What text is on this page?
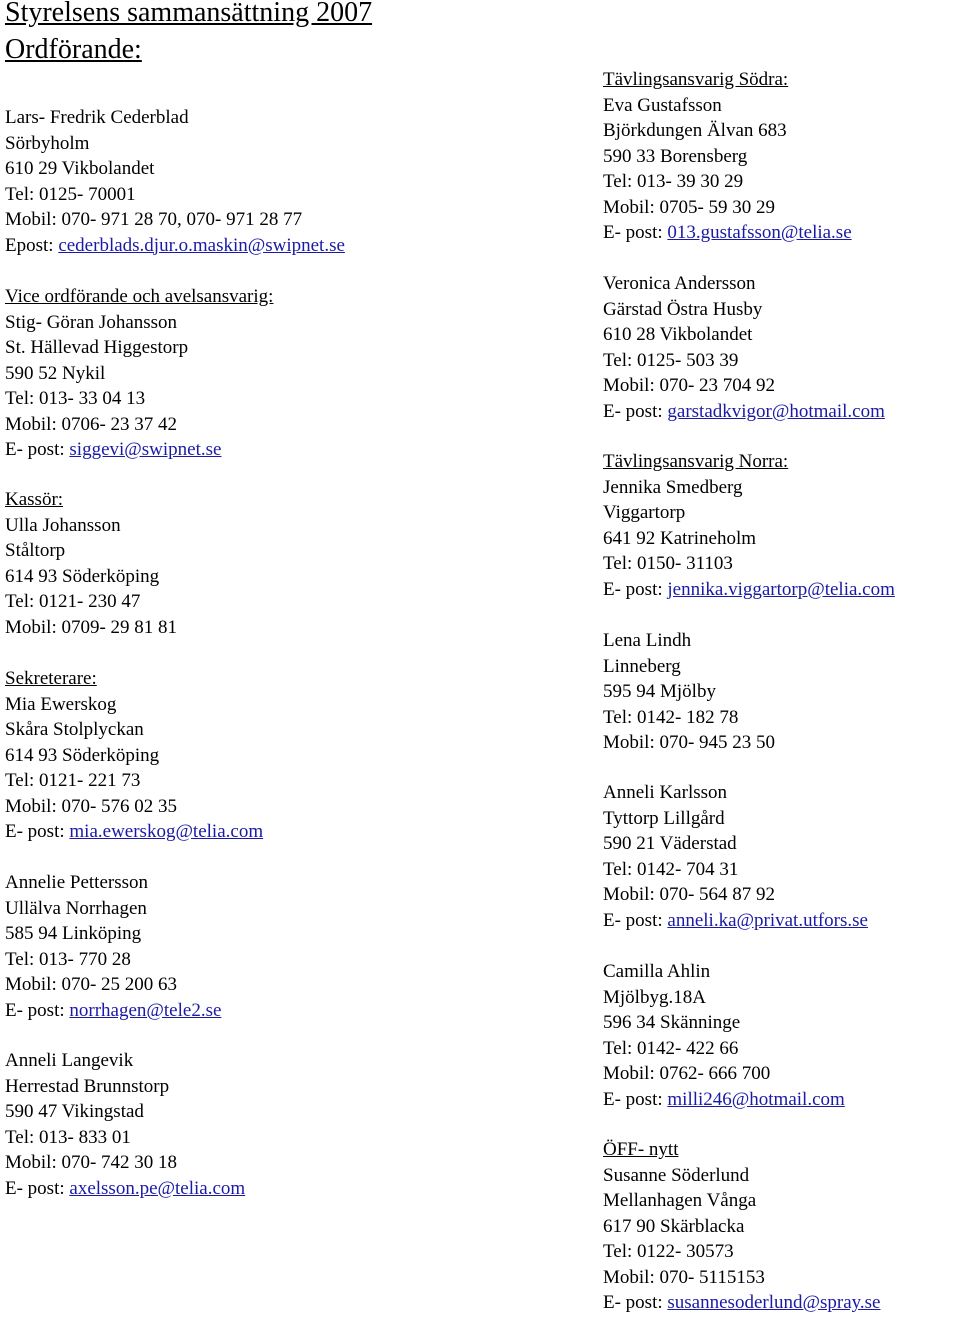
Styrelsens sammansättning 2007
Ordförande:
Lars- Fredrik Cederblad
Sörbyholm
610 29 Vikbolandet
Tel: 0125- 70001
Mobil: 070- 971 28 70, 070- 971 28 77
Epost: cederblads.djur.o.maskin@swipnet.se
Vice ordförande och avelsansvarig:
Stig- Göran Johansson
St. Hällevad Higgestorp
590 52 Nykil
Tel: 013- 33 04 13
Mobil: 0706- 23 37 42
E- post: siggevi@swipnet.se
Kassör:
Ulla Johansson
Ståltorp
614 93 Söderköping
Tel: 0121- 230 47
Mobil: 0709- 29 81 81
Sekreterare:
Mia Ewerskog
Skåra Stolplyckan
614 93 Söderköping
Tel: 0121- 221 73
Mobil: 070- 576 02 35
E- post: mia.ewerskog@telia.com
Annelie Pettersson
Ullälva Norrhagen
585 94 Linköping
Tel: 013- 770 28
Mobil: 070- 25 200 63
E- post: norrhagen@tele2.se
Anneli Langevik
Herrestad Brunnstorp
590 47 Vikingstad
Tel: 013- 833 01
Mobil: 070- 742 30 18
E- post: axelsson.pe@telia.com
Tävlingsansvarig Södra:
Eva Gustafsson
Björkdungen Älvan 683
590 33 Borensberg
Tel: 013- 39 30 29
Mobil: 0705- 59 30 29
E- post: 013.gustafsson@telia.se
Veronica Andersson
Gärstad Östra Husby
610 28 Vikbolandet
Tel: 0125- 503 39
Mobil: 070- 23 704 92
E- post: garstadkvigor@hotmail.com
Tävlingsansvarig Norra:
Jennika Smedberg
Viggartorp
641 92 Katrineholm
Tel: 0150- 31103
E- post: jennika.viggartorp@telia.com
Lena Lindh
Linneberg
595 94 Mjölby
Tel: 0142- 182 78
Mobil: 070- 945 23 50
Anneli Karlsson
Tyttorp Lillgård
590 21 Väderstad
Tel: 0142- 704 31
Mobil: 070- 564 87 92
E- post: anneli.ka@privat.utfors.se
Camilla Ahlin
Mjölbyg.18A
596 34 Skänninge
Tel: 0142- 422 66
Mobil: 0762- 666 700
E- post: milli246@hotmail.com
ÖFF- nytt
Susanne Söderlund
Mellanhagen Vånga
617 90 Skärblacka
Tel: 0122- 30573
Mobil: 070- 5115153
E- post: susannesoderlund@spray.se
